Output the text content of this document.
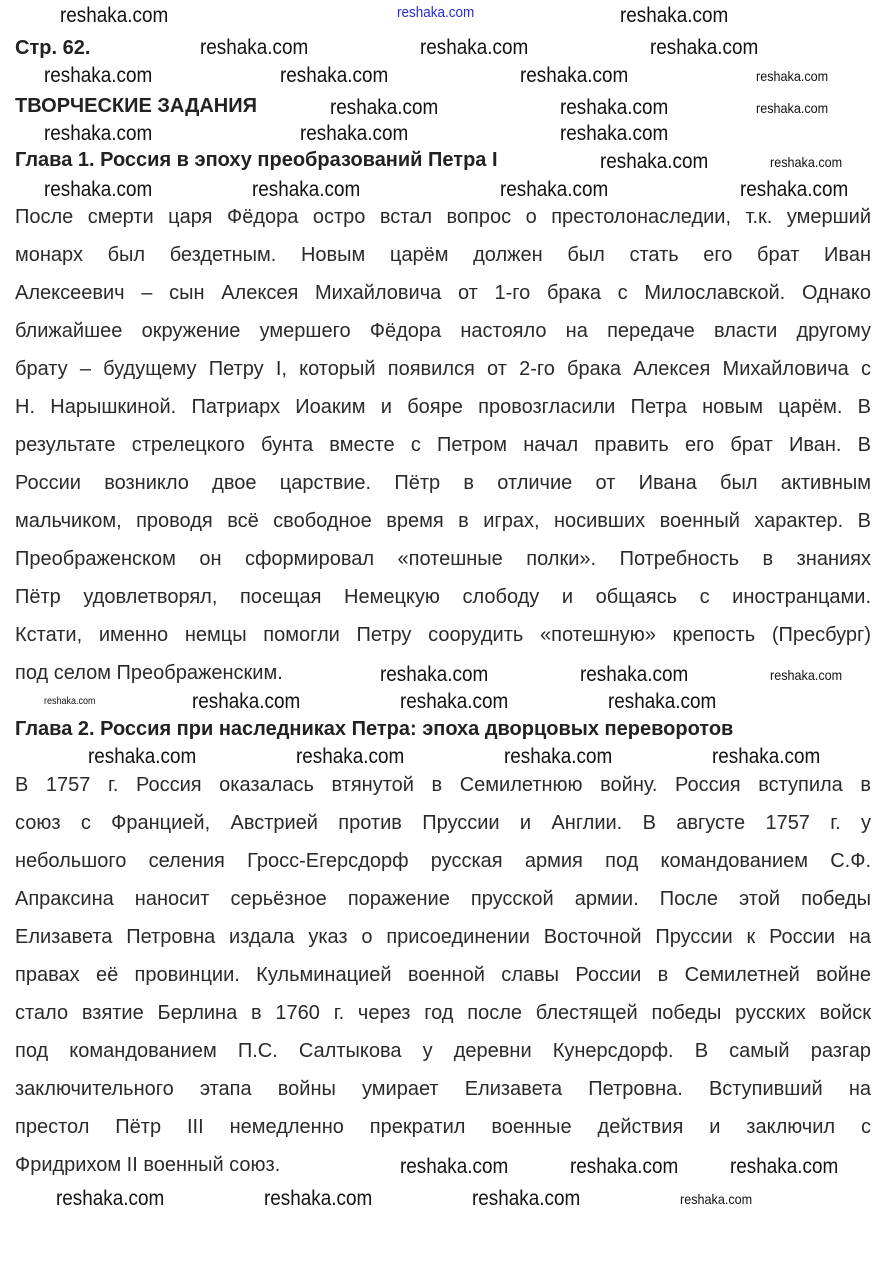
Стр. 62.
ТВОРЧЕСКИЕ ЗАДАНИЯ
Глава 1. Россия в эпоху преобразований Петра I
Глава 2. Россия при наследниках Петра: эпоха дворцовых переворотов
После смерти царя Фёдора остро встал вопрос о престолонаследии, т.к. умерший
монарх был бездетным. Новым царём должен был стать его брат Иван
Алексеевич – сын Алексея Михайловича от 1-го брака с Милославской. Однако
ближайшее окружение умершего Фёдора настояло на передаче власти другому
брату – будущему Петру I, который появился от 2-го брака Алексея Михайловича с
Н. Нарышкиной. Патриарх Иоаким и бояре провозгласили Петра новым царём. В
результате стрелецкого бунта вместе с Петром начал править его брат Иван. В
России возникло двое царствие. Пётр в отличие от Ивана был активным
мальчиком, проводя всё свободное время в играх, носивших военный характер. В
Преображенском он сформировал «потешные полки». Потребность в знаниях
Пётр удовлетворял, посещая Немецкую слободу и общаясь с иностранцами.
Кстати, именно немцы помогли Петру соорудить «потешную» крепость (Пресбург)
под селом Преображенским.
В 1757 г. Россия оказалась втянутой в Семилетнюю войну. Россия вступила в
союз с Францией, Австрией против Пруссии и Англии. В августе 1757 г. у
небольшого селения Гросс-Егерсдорф русская армия под командованием С.Ф.
Апраксина наносит серьёзное поражение прусской армии. После этой победы
Елизавета Петровна издала указ о присоединении Восточной Пруссии к России на
правах её провинции. Кульминацией военной славы России в Семилетней войне
стало взятие Берлина в 1760 г. через год после блестящей победы русских войск
под командованием П.С. Салтыкова у деревни Кунерсдорф. В самый разгар
заключительного этапа войны умирает Елизавета Петровна. Вступивший на
престол Пётр III немедленно прекратил военные действия и заключил с
Фридрихом II военный союз.
reshaka.com	reshaka.com	reshaka.com
reshaka.com	reshaka.com	reshaka.com
reshaka.com	reshaka.com	reshaka.com	reshaka.com
reshaka.com	reshaka.com	reshaka.com
reshaka.com	reshaka.com	reshaka.com
reshaka.com	reshaka.com
reshaka.com	reshaka.com	reshaka.com	reshaka.com
reshaka.com	reshaka.com	reshaka.com
reshaka.com	reshaka.com	reshaka.com	reshaka.com
reshaka.com	reshaka.com	reshaka.com	reshaka.com
reshaka.com	reshaka.com reshaka.com
reshaka.com	reshaka.com	reshaka.com	reshaka.com
